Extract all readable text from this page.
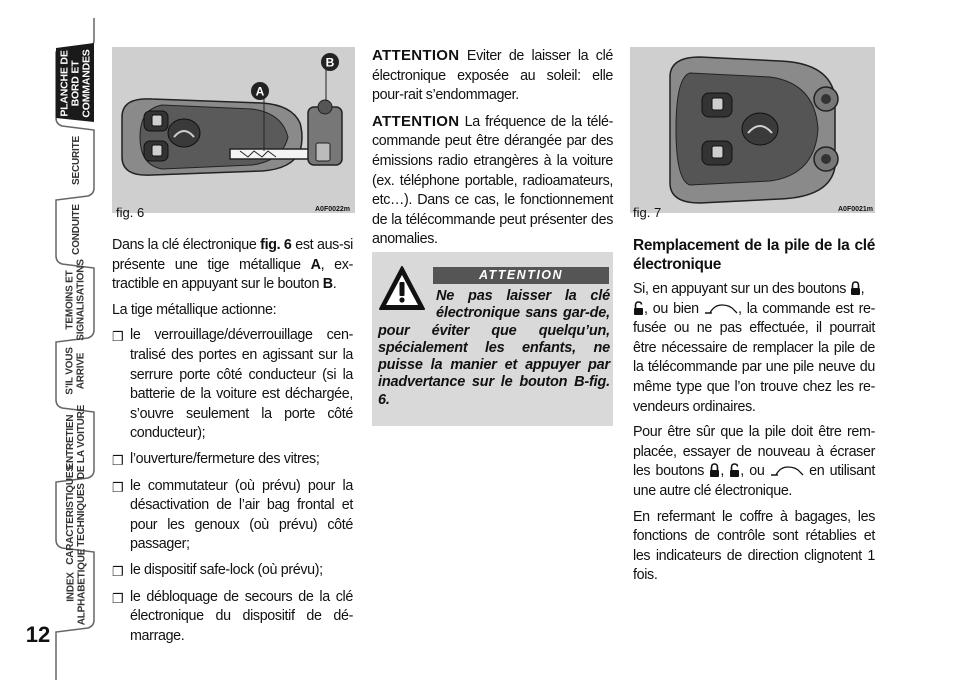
PLANCHE DE
BORD ET
COMMANDES
SECURITE
CONDUITE
TEMOINS ET
SIGNALISATIONS
S’IL VOUS
ARRIVE
ENTRETIEN
DE LA VOITURE
CARACTERISTIQUES
TECHNIQUES
INDEX
ALPHABETIQUE
12
A
B
fig. 6	A0F0022m	fig. 7	A0F0021m

Dans la clé électronique fig. 6 est aus-si présente une tige métallique A, ex-tractible en appuyant sur le bouton B.

La tige métallique actionne:

❒ le verrouillage/déverrouillage cen-tralisé des portes en agissant sur la serrure porte côté conducteur (si la batterie de la voiture est déchargée, s’ouvre seulement la porte côté conducteur);
❒ l’ouverture/fermeture des vitres;
❒ le commutateur (où prévu) pour la désactivation de l’air bag frontal et pour les genoux (où prévu) côté passager;
❒ le dispositif safe-lock (où prévu);
❒ le débloquage de secours de la clé électronique du dispositif de dé-marrage.

ATTENTION Eviter de laisser la clé électronique exposée au soleil: elle pour-rait s’endommager.

ATTENTION La fréquence de la télé-commande peut être dérangée par des émissions radio etrangères à la voiture (ex. téléphone portable, radioamateurs, etc…). Dans ce cas, le fonctionnement de la télécommande peut présenter des anomalies.

ATTENTION
Ne pas laisser la clé électronique sans gar-de, pour éviter que quelqu’un, spécialement les enfants, ne puisse la manier et appuyer par inadvertance sur le bouton B-fig. 6.
Remplacement de la pile de la clé électronique

Si, en appuyant sur un des boutons ,
, ou bien , la commande est re-fusée ou ne pas effectuée, il pourrait être nécessaire de remplacer la pile de la télécommande par une pile neuve du même type que l’on trouve chez les re-vendeurs ordinaires.

Pour être sûr que la pile doit être rem-placée, essayer de nouveau à écraser les boutons , , ou  en utilisant une autre clé électronique.

En refermant le coffre à bagages, les fonctions de contrôle sont rétablies et les indicateurs de direction clignotent 1 fois.
